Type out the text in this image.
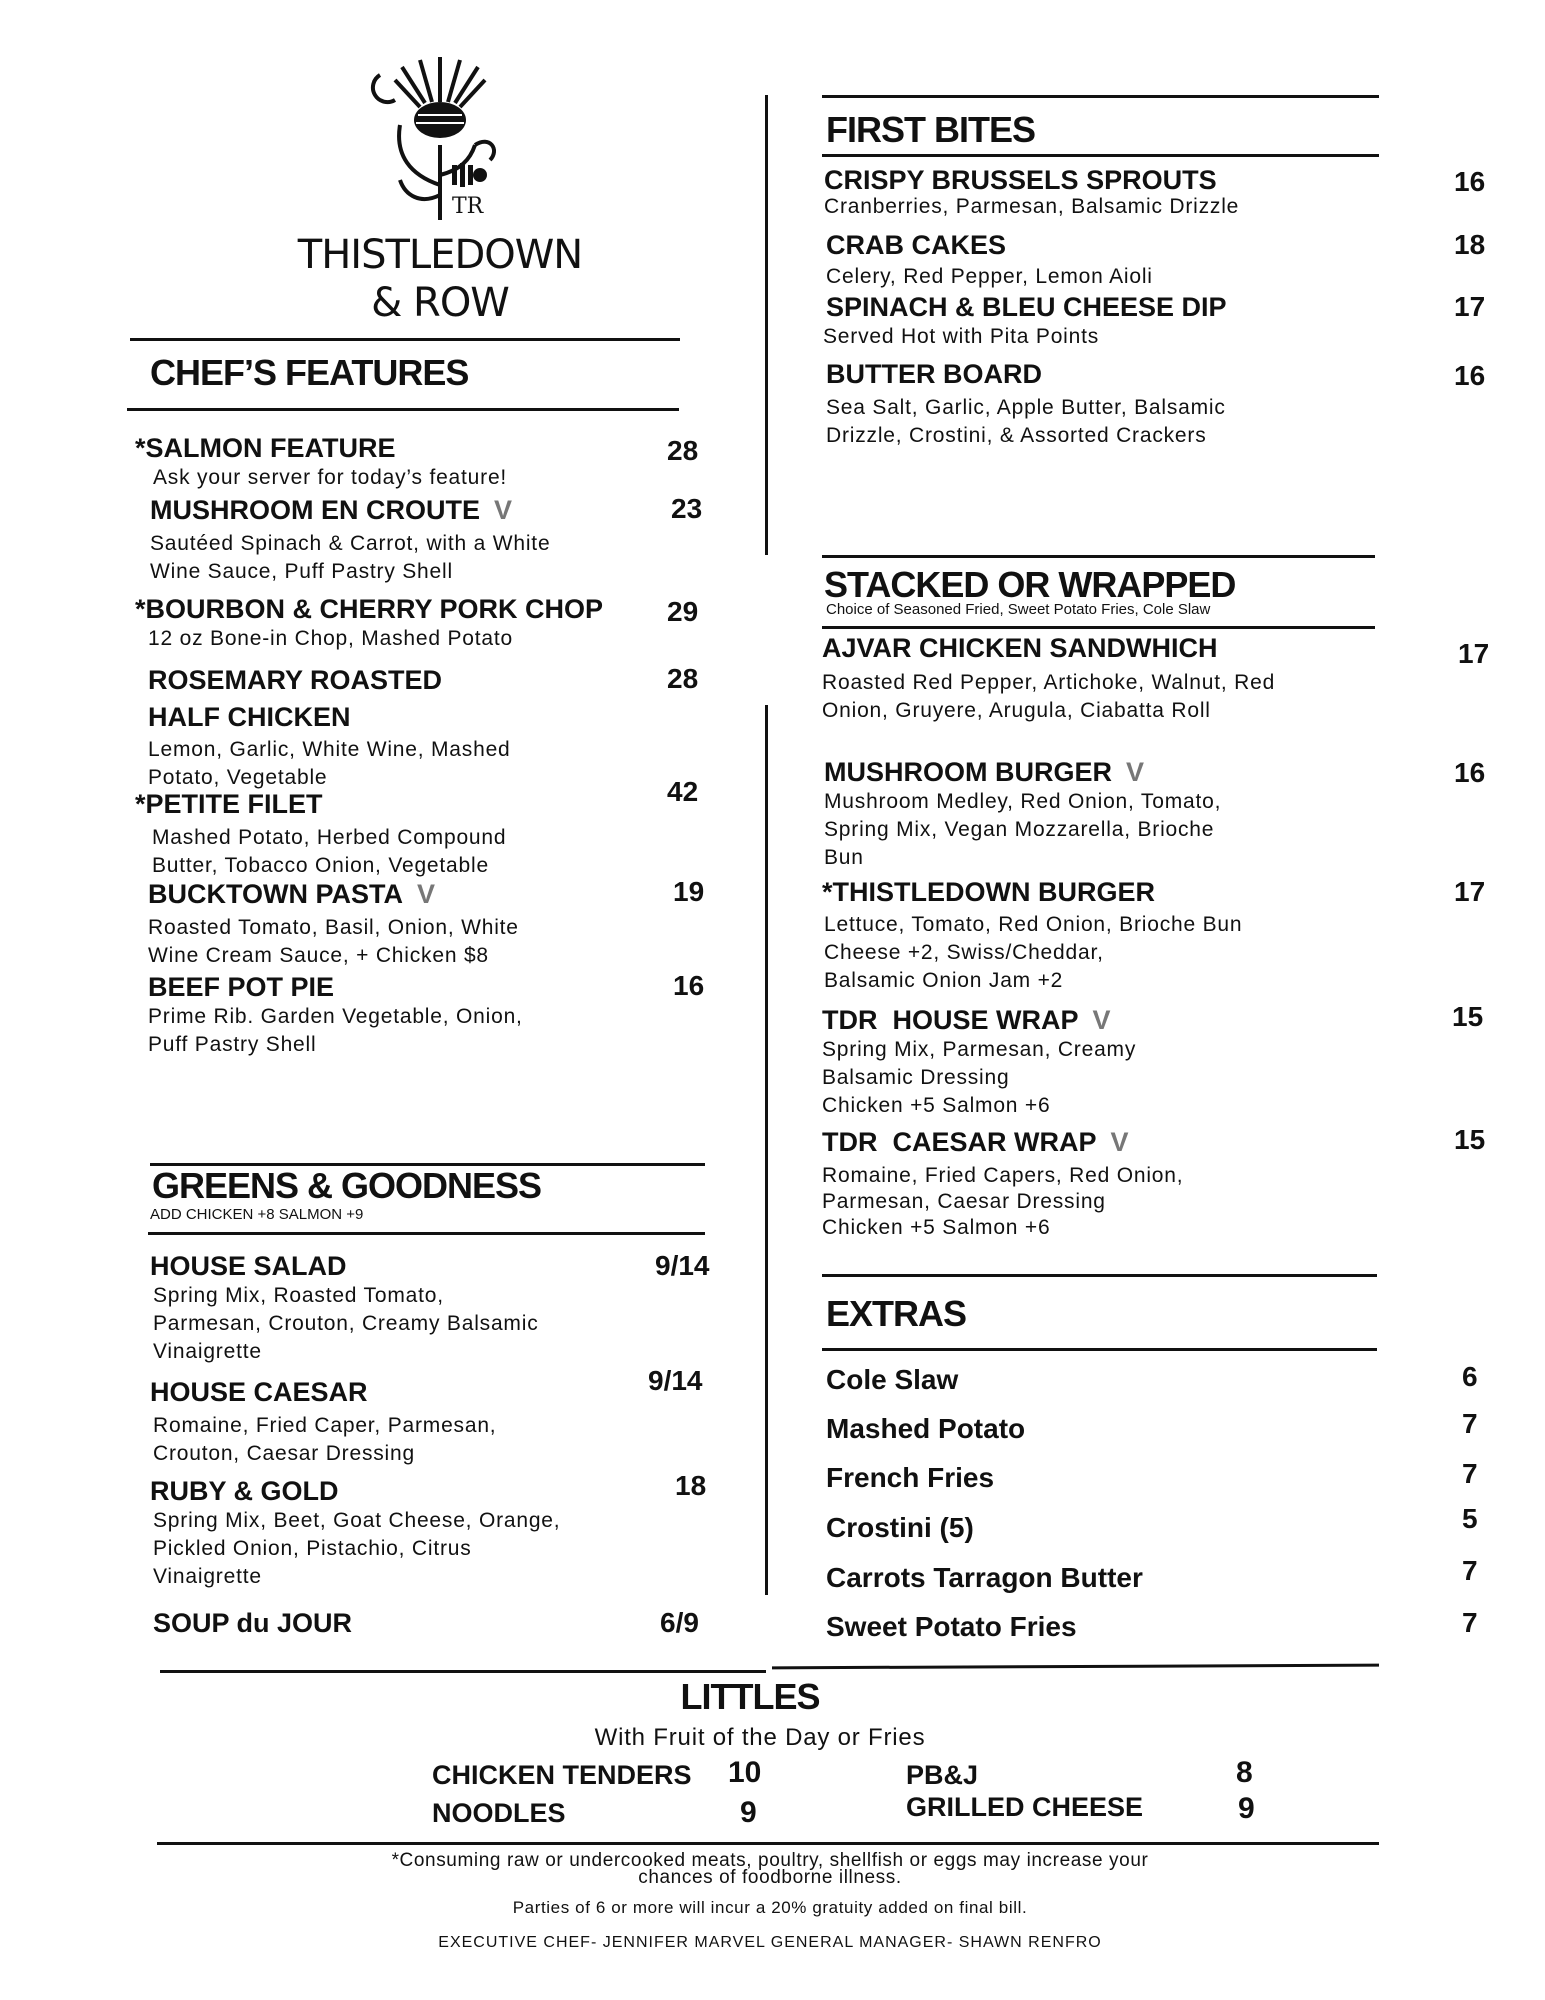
TR
THISTLEDOWN
& ROW
CHEF’S FEATURES
*SALMON FEATURE
Ask your server for today’s feature!
28
MUSHROOM EN CROUTE V
Sautéed Spinach & Carrot, with a White
Wine Sauce, Puff Pastry Shell
23
*BOURBON & CHERRY PORK CHOP
12 oz Bone-in Chop, Mashed Potato
29
ROSEMARY ROASTED
HALF CHICKEN
Lemon, Garlic, White Wine, Mashed
Potato, Vegetable
28
*PETITE FILET
Mashed Potato, Herbed Compound
Butter, Tobacco Onion, Vegetable
42
BUCKTOWN PASTA V
Roasted Tomato, Basil, Onion, White
Wine Cream Sauce, + Chicken $8
19
BEEF POT PIE
Prime Rib. Garden Vegetable, Onion,
Puff Pastry Shell
16
GREENS & GOODNESS
ADD CHICKEN +8 SALMON +9
HOUSE SALAD
Spring Mix, Roasted Tomato,
Parmesan, Crouton, Creamy Balsamic
Vinaigrette
9/14
HOUSE CAESAR
Romaine, Fried Caper, Parmesan,
Crouton, Caesar Dressing
9/14
RUBY & GOLD
Spring Mix, Beet, Goat Cheese, Orange,
Pickled Onion, Pistachio, Citrus
Vinaigrette
18
SOUP du JOUR	6/9
FIRST BITES
CRISPY BRUSSELS SPROUTS
Cranberries, Parmesan, Balsamic Drizzle
16
CRAB CAKES
Celery, Red Pepper, Lemon Aioli
18
SPINACH & BLEU CHEESE DIP
Served Hot with Pita Points
17
BUTTER BOARD
Sea Salt, Garlic, Apple Butter, Balsamic
Drizzle, Crostini, & Assorted Crackers
16
STACKED OR WRAPPED
Choice of Seasoned Fried, Sweet Potato Fries, Cole Slaw
AJVAR CHICKEN SANDWHICH
Roasted Red Pepper, Artichoke, Walnut, Red
Onion, Gruyere, Arugula, Ciabatta Roll
17
MUSHROOM BURGER V
Mushroom Medley, Red Onion, Tomato,
Spring Mix, Vegan Mozzarella, Brioche
Bun
16
*THISTLEDOWN BURGER
Lettuce, Tomato, Red Onion, Brioche Bun
Cheese +2, Swiss/Cheddar,
Balsamic Onion Jam +2
17
TDR  HOUSE WRAP V
Spring Mix, Parmesan, Creamy
Balsamic Dressing
Chicken +5 Salmon +6
15
TDR  CAESAR WRAP V
Romaine, Fried Capers, Red Onion,
Parmesan, Caesar Dressing
Chicken +5 Salmon +6
15
EXTRAS
Cole Slaw	6
Mashed Potato	7
French Fries	7
Crostini (5)	5
Carrots Tarragon Butter	7
Sweet Potato Fries	7
LITTLES
With Fruit of the Day or Fries
CHICKEN TENDERS 10
NOODLES	9
PB&J	8
GRILLED CHEESE	9
*Consuming raw or undercooked meats, poultry, shellfish or eggs may increase your
chances of foodborne illness.
Parties of 6 or more will incur a 20% gratuity added on final bill.
EXECUTIVE CHEF- JENNIFER MARVEL GENERAL MANAGER- SHAWN RENFRO
